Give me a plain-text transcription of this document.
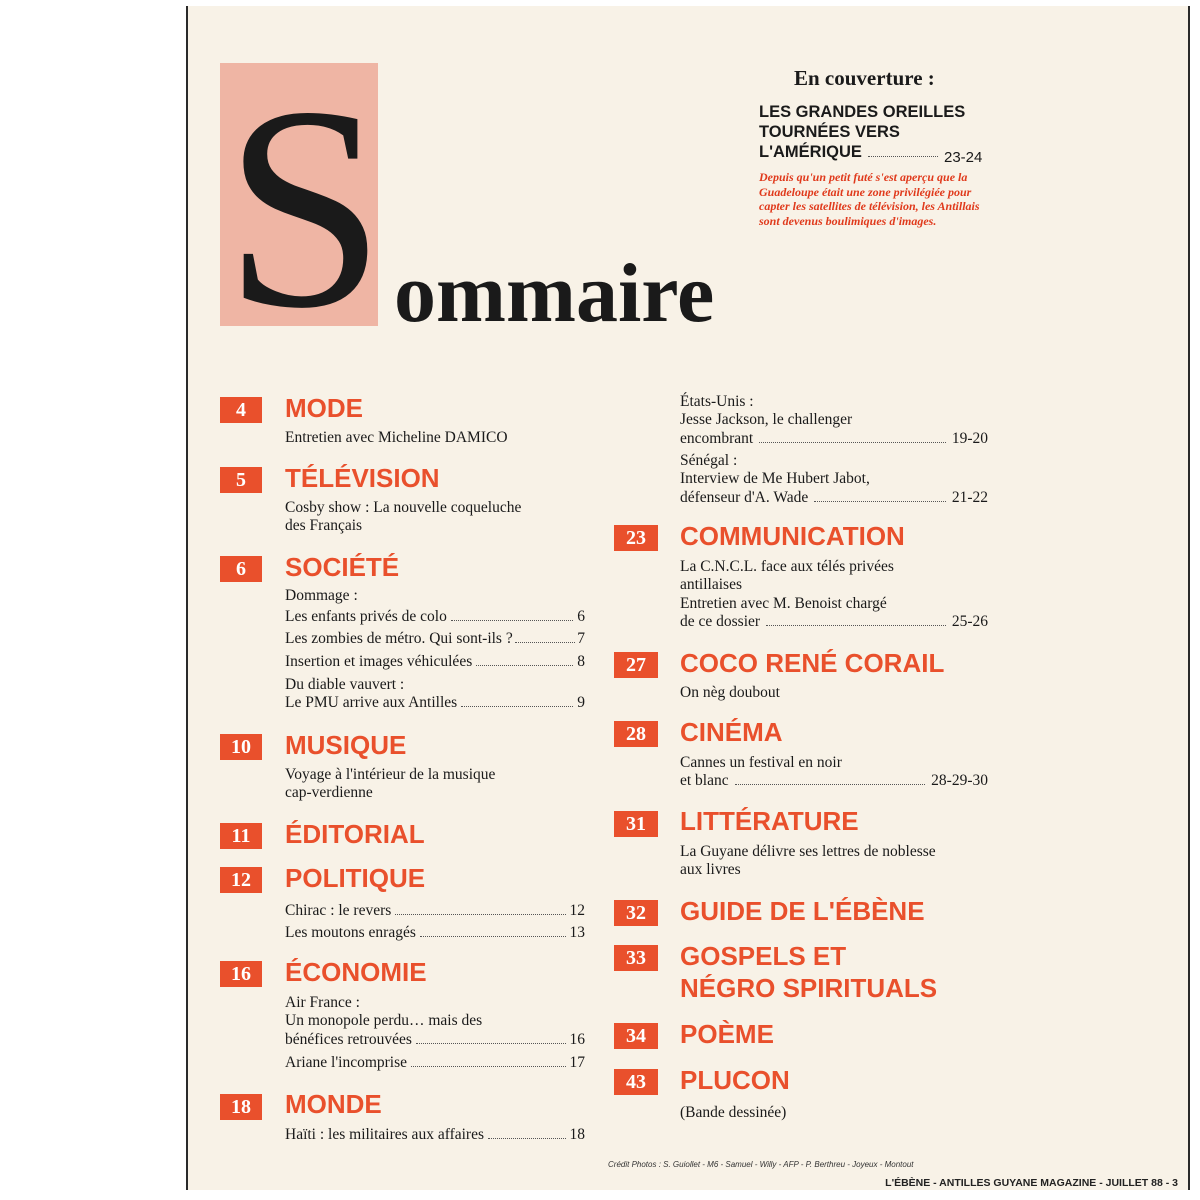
S ommaire
En couverture :
LES GRANDES OREILLES
TOURNÉES VERS
L'AMÉRIQUE	23-24
Depuis qu'un petit futé s'est aperçu que la Guadeloupe était une zone privilégiée pour capter les satellites de télévision, les Antillais sont devenus boulimiques d'images.
4	MODE
Entretien avec Micheline DAMICO
5	TÉLÉVISION
Cosby show : La nouvelle coqueluche
des Français
6	SOCIÉTÉ
Dommage :
Les enfants privés de colo	6
Les zombies de métro. Qui sont-ils ?	7
Insertion et images véhiculées	8
Du diable vauvert :
Le PMU arrive aux Antilles	9
10	MUSIQUE
Voyage à l'intérieur de la musique
cap-verdienne
11	ÉDITORIAL
12	POLITIQUE
Chirac : le revers	12
Les moutons enragés	13
16	ÉCONOMIE
Air France :
Un monopole perdu… mais des
bénéfices retrouvées	16
Ariane l'incomprise	17
18	MONDE
Haïti : les militaires aux affaires	18
États-Unis :
Jesse Jackson, le challenger
encombrant	19-20
Sénégal :
Interview de Me Hubert Jabot,
défenseur d'A. Wade	21-22
23	COMMUNICATION
La C.N.C.L. face aux télés privées
antillaises
Entretien avec M. Benoist chargé
de ce dossier	25-26
27	COCO RENÉ CORAIL
On nèg doubout
28	CINÉMA
Cannes un festival en noir
et blanc	28-29-30
31	LITTÉRATURE
La Guyane délivre ses lettres de noblesse
aux livres
32	GUIDE DE L'ÉBÈNE
33	GOSPELS ET
NÉGRO SPIRITUALS
34	POÈME
43	PLUCON
(Bande dessinée)
Crédit Photos : S. Guiollet - M6 - Samuel - Willy - AFP - P. Berthreu - Joyeux - Montout
L'ÉBÈNE - ANTILLES GUYANE MAGAZINE - JUILLET 88 - 3
